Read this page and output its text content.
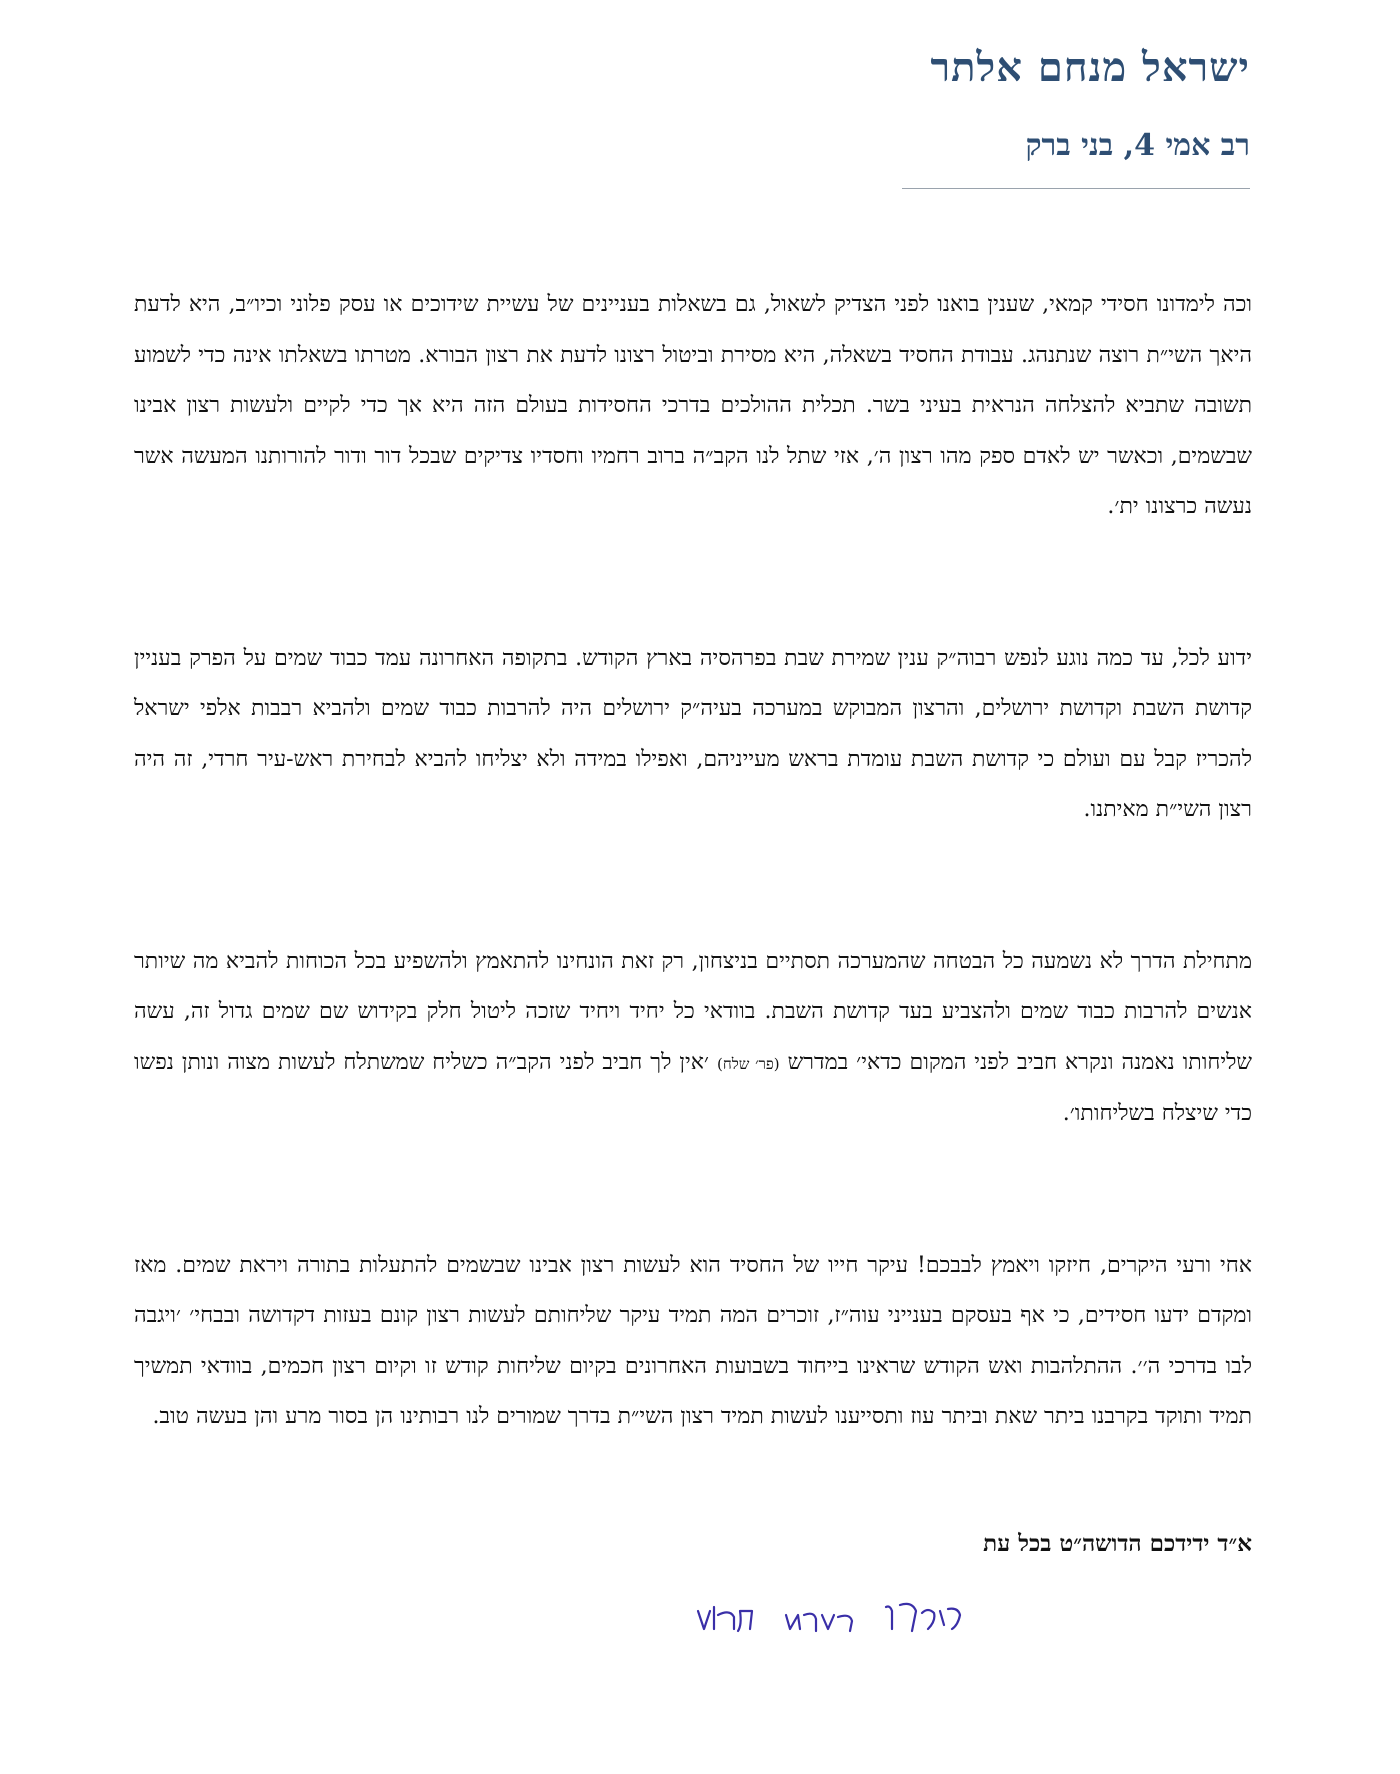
ישראל מנחם אלתר
רב אמי 4, בני ברק

וכה לימדונו חסידי קמאי, שענין בואנו לפני הצדיק לשאול, גם בשאלות בעניינים של עשיית שידוכים או עסק פלוני וכיו״ב, היא לדעת היאך השי״ת רוצה שנתנהג. עבודת החסיד בשאלה, היא מסירת וביטול רצונו לדעת את רצון הבורא. מטרתו בשאלתו אינה כדי לשמוע תשובה שתביא להצלחה הנראית בעיני בשר. תכלית ההולכים בדרכי החסידות בעולם הזה היא אך כדי לקיים ולעשות רצון אבינו שבשמים, וכאשר יש לאדם ספק מהו רצון ה׳, אזי שתל לנו הקב״ה ברוב רחמיו וחסדיו צדיקים שבכל דור ודור להורותנו המעשה אשר נעשה כרצונו ית׳.

ידוע לכל, עד כמה נוגע לנפש רבוה״ק ענין שמירת שבת בפרהסיה בארץ הקודש. בתקופה האחרונה עמד כבוד שמים על הפרק בעניין קדושת השבת וקדושת ירושלים, והרצון המבוקש במערכה בעיה״ק ירושלים היה להרבות כבוד שמים ולהביא רבבות אלפי ישראל להכריז קבל עם ועולם כי קדושת השבת עומדת בראש מעייניהם, ואפילו במידה ולא יצליחו להביא לבחירת ראש-עיר חרדי, זה היה רצון השי״ת מאיתנו.

מתחילת הדרך לא נשמעה כל הבטחה שהמערכה תסתיים בניצחון, רק זאת הונחינו להתאמץ ולהשפיע בכל הכוחות להביא מה שיותר אנשים להרבות כבוד שמים ולהצביע בעד קדושת השבת. בוודאי כל יחיד ויחיד שזכה ליטול חלק בקידוש שם שמים גדול זה, עשה שליחותו נאמנה ונקרא חביב לפני המקום כדאי׳ במדרש (פר׳ שלח) ׳אין לך חביב לפני הקב״ה כשליח שמשתלח לעשות מצוה ונותן נפשו כדי שיצלח בשליחותו׳.

אחי ורעי היקרים, חיזקו ויאמץ לבבכם! עיקר חייו של החסיד הוא לעשות רצון אבינו שבשמים להתעלות בתורה ויראת שמים. מאז ומקדם ידעו חסידים, כי אף בעסקם בענייני עוה״ז, זוכרים המה תמיד עיקר שליחותם לעשות רצון קונם בעזות דקדושה ובבחי׳ ׳ויגבה לבו בדרכי ה׳׳. ההתלהבות ואש הקודש שראינו בייחוד בשבועות האחרונים בקיום שליחות קודש זו וקיום רצון חכמים, בוודאי תמשיך תמיד ותוקד בקרבנו ביתר שאת וביתר עוז ותסייענו לעשות תמיד רצון השי״ת בדרך שמורים לנו רבותינו הן בסור מרע והן בעשה טוב.

א״ד ידידכם הדושה״ט בכל עת
